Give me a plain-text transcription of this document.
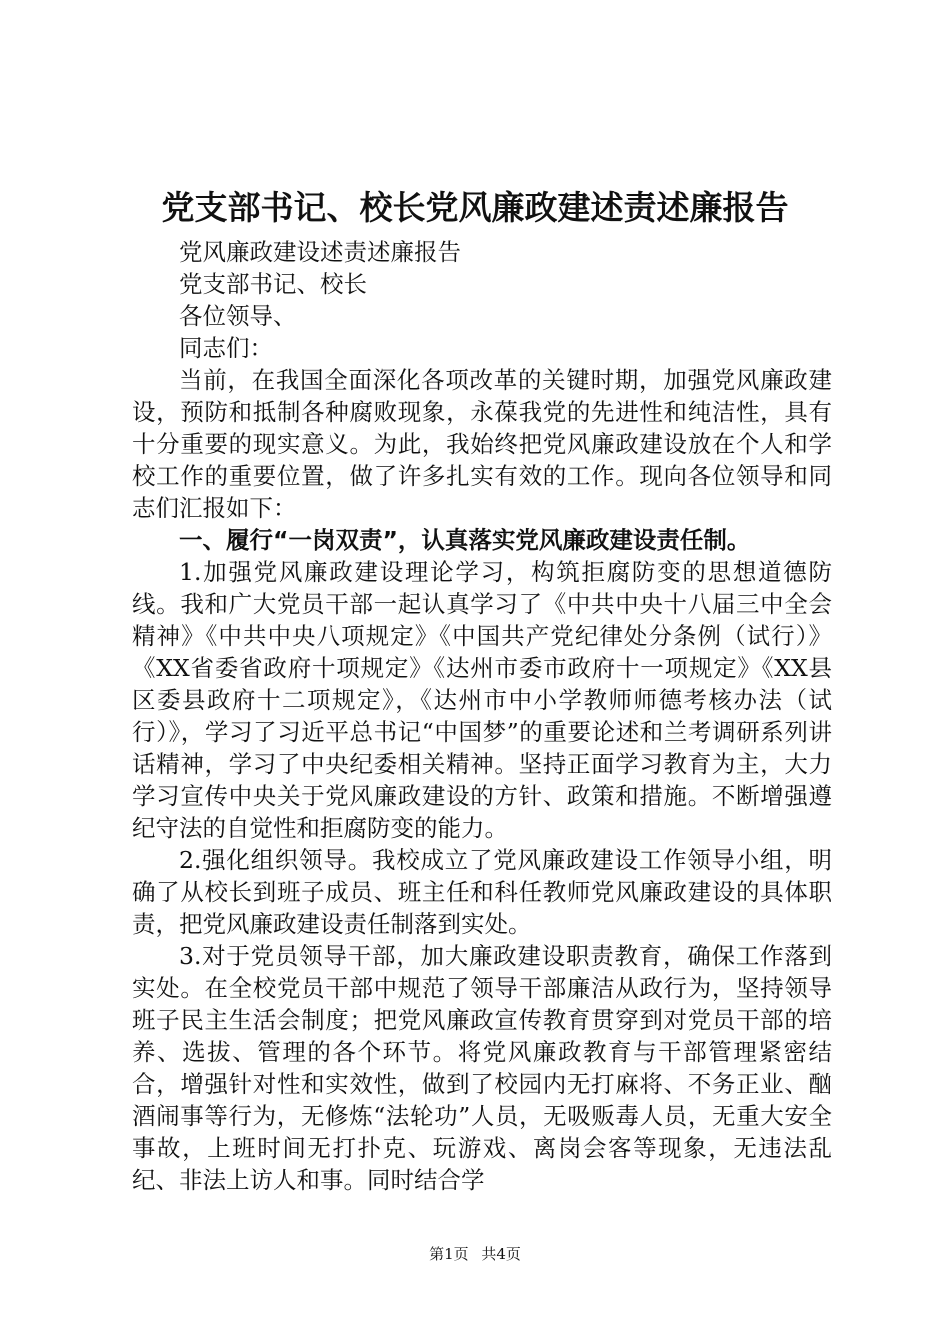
党支部书记、校长党风廉政建述责述廉报告

党风廉政建设述责述廉报告

党支部书记、校长

各位领导、

同志们：

当前，在我国全面深化各项改革的关键时期，加强党风廉政建设，预防和抵制各种腐败现象，永葆我党的先进性和纯洁性，具有十分重要的现实意义。为此，我始终把党风廉政建设放在个人和学校工作的重要位置，做了许多扎实有效的工作。现向各位领导和同志们汇报如下：

一、履行“一岗双责”，认真落实党风廉政建设责任制。

1.加强党风廉政建设理论学习，构筑拒腐防变的思想道德防线。我和广大党员干部一起认真学习了《中共中央十八届三中全会精神》《中共中央八项规定》《中国共产党纪律处分条例（试行）》《XX省委省政府十项规定》《达州市委市政府十一项规定》《XX县区委县政府十二项规定》，《达州市中小学教师师德考核办法（试行）》，学习了习近平总书记“中国梦”的重要论述和兰考调研系列讲话精神，学习了中央纪委相关精神。坚持正面学习教育为主，大力学习宣传中央关于党风廉政建设的方针、政策和措施。不断增强遵纪守法的自觉性和拒腐防变的能力。

2.强化组织领导。我校成立了党风廉政建设工作领导小组，明确了从校长到班子成员、班主任和科任教师党风廉政建设的具体职责，把党风廉政建设责任制落到实处。

3.对于党员领导干部，加大廉政建设职责教育，确保工作落到实处。在全校党员干部中规范了领导干部廉洁从政行为，坚持领导班子民主生活会制度；把党风廉政宣传教育贯穿到对党员干部的培养、选拔、管理的各个环节。将党风廉政教育与干部管理紧密结合，增强针对性和实效性，做到了校园内无打麻将、不务正业、酗酒闹事等行为，无修炼“法轮功”人员，无吸贩毒人员，无重大安全事故，上班时间无打扑克、玩游戏、离岗会客等现象，无违法乱纪、非法上访人和事。同时结合学

第1页 共4页
